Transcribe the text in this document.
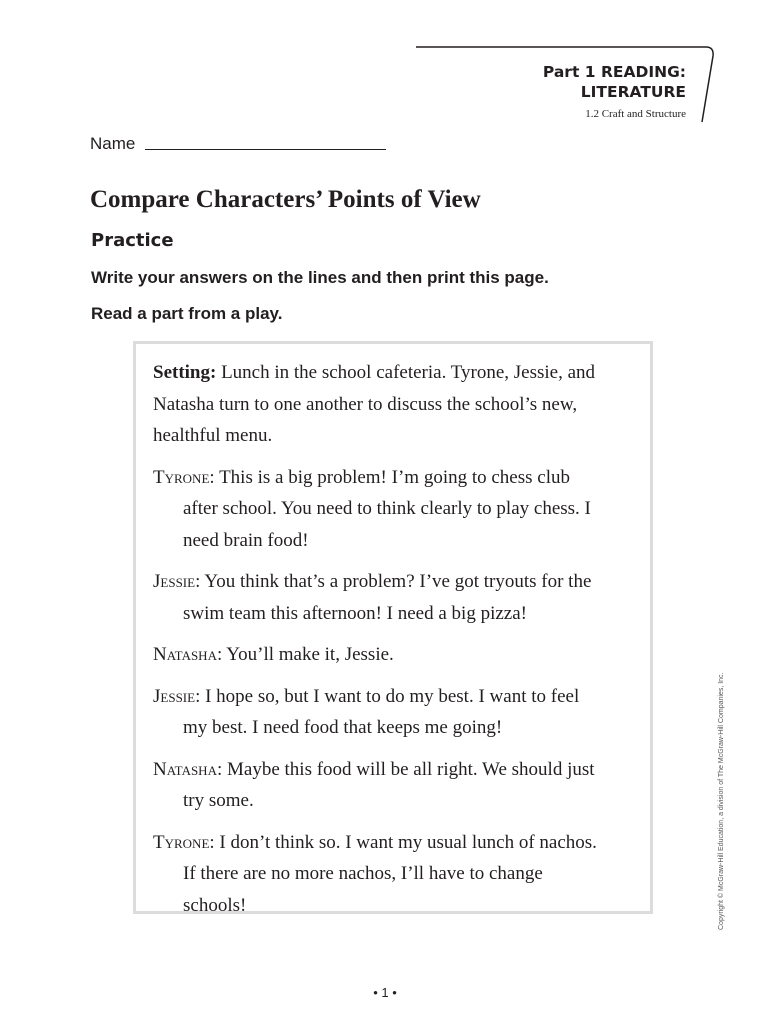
Part 1 READING:
LITERATURE
1.2 Craft and Structure
Name
Compare Characters’ Points of View
Practice
Write your answers on the lines and then print this page.
Read a part from a play.
Setting: Lunch in the school cafeteria. Tyrone, Jessie, and
Natasha turn to one another to discuss the school’s new,
healthful menu.
Tyrone: This is a big problem! I’m going to chess club
after school. You need to think clearly to play chess. I
need brain food!
Jessie: You think that’s a problem? I’ve got tryouts for the
swim team this afternoon! I need a big pizza!
Natasha: You’ll make it, Jessie.
Jessie: I hope so, but I want to do my best. I want to feel
my best. I need food that keeps me going!
Natasha: Maybe this food will be all right. We should just
try some.
Tyrone: I don’t think so. I want my usual lunch of nachos.
If there are no more nachos, I’ll have to change
schools!	Copyright © McGraw-Hill Education, a division of The McGraw-Hill Companies, Inc.
• 1 •
